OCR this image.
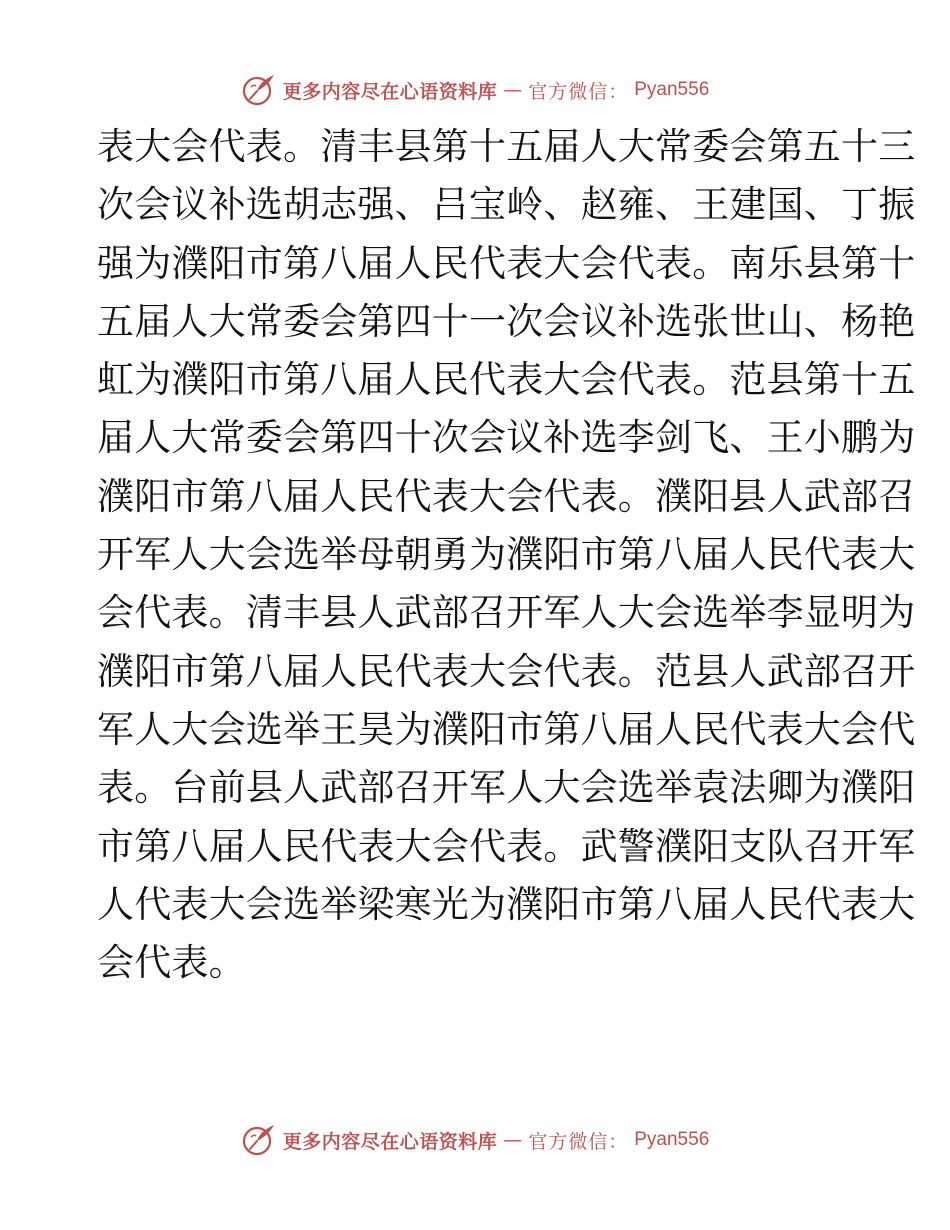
更多内容尽在心语资料库 — 官方微信： Pyan556
表大会代表。清丰县第十五届人大常委会第五十三
次会议补选胡志强、吕宝岭、赵雍、王建国、丁振
强为濮阳市第八届人民代表大会代表。南乐县第十
五届人大常委会第四十一次会议补选张世山、杨艳
虹为濮阳市第八届人民代表大会代表。范县第十五
届人大常委会第四十次会议补选李剑飞、王小鹏为
濮阳市第八届人民代表大会代表。濮阳县人武部召
开军人大会选举母朝勇为濮阳市第八届人民代表大
会代表。清丰县人武部召开军人大会选举李显明为
濮阳市第八届人民代表大会代表。范县人武部召开
军人大会选举王昊为濮阳市第八届人民代表大会代
表。台前县人武部召开军人大会选举袁法卿为濮阳
市第八届人民代表大会代表。武警濮阳支队召开军
人代表大会选举梁寒光为濮阳市第八届人民代表大
会代表。
更多内容尽在心语资料库 — 官方微信： Pyan556
